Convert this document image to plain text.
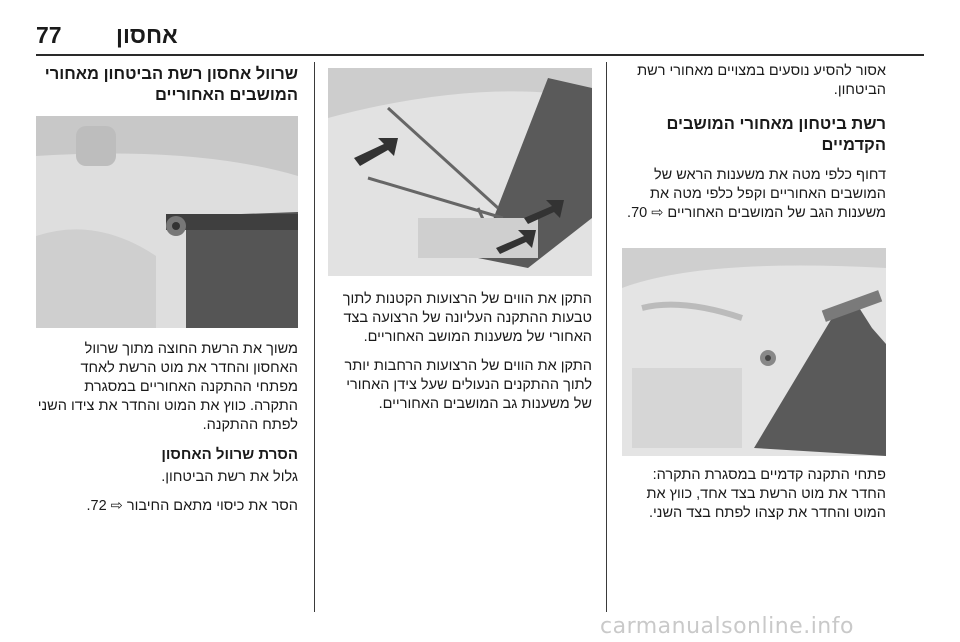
77 אחסון

אסור להסיע נוסעים במצויים מאחורי רשת הביטחון.

רשת ביטחון מאחורי המושבים הקדמיים

דחוף כלפי מטה את משענות הראש של המושבים האחוריים וקפל כלפי מטה את משענות הגב של המושבים האחוריים ⇨ 70.

פתחי התקנה קדמיים במסגרת התקרה: החדר את מוט הרשת בצד אחד, כווץ את המוט והחדר את קצהו לפתח בצד השני.

התקן את הווים של הרצועות הקטנות לתוך טבעות ההתקנה העליונה של הרצועה בצד האחורי של משענות המושב האחוריים.

התקן את הווים של הרצועות הרחבות יותר לתוך ההתקנים הנעולים שעל צידן האחורי של משענות גב המושבים האחוריים.

שרוול אחסון רשת הביטחון מאחורי המושבים האחוריים

משוך את הרשת החוצה מתוך שרוול האחסון והחדר את מוט הרשת לאחד מפתחי ההתקנה האחוריים במסגרת התקרה. כווץ את המוט והחדר את צידו השני לפתח ההתקנה.

הסרת שרוול האחסון

גלול את רשת הביטחון.

הסר את כיסוי מתאם החיבור ⇨ 72.

carmanualsonline.info
